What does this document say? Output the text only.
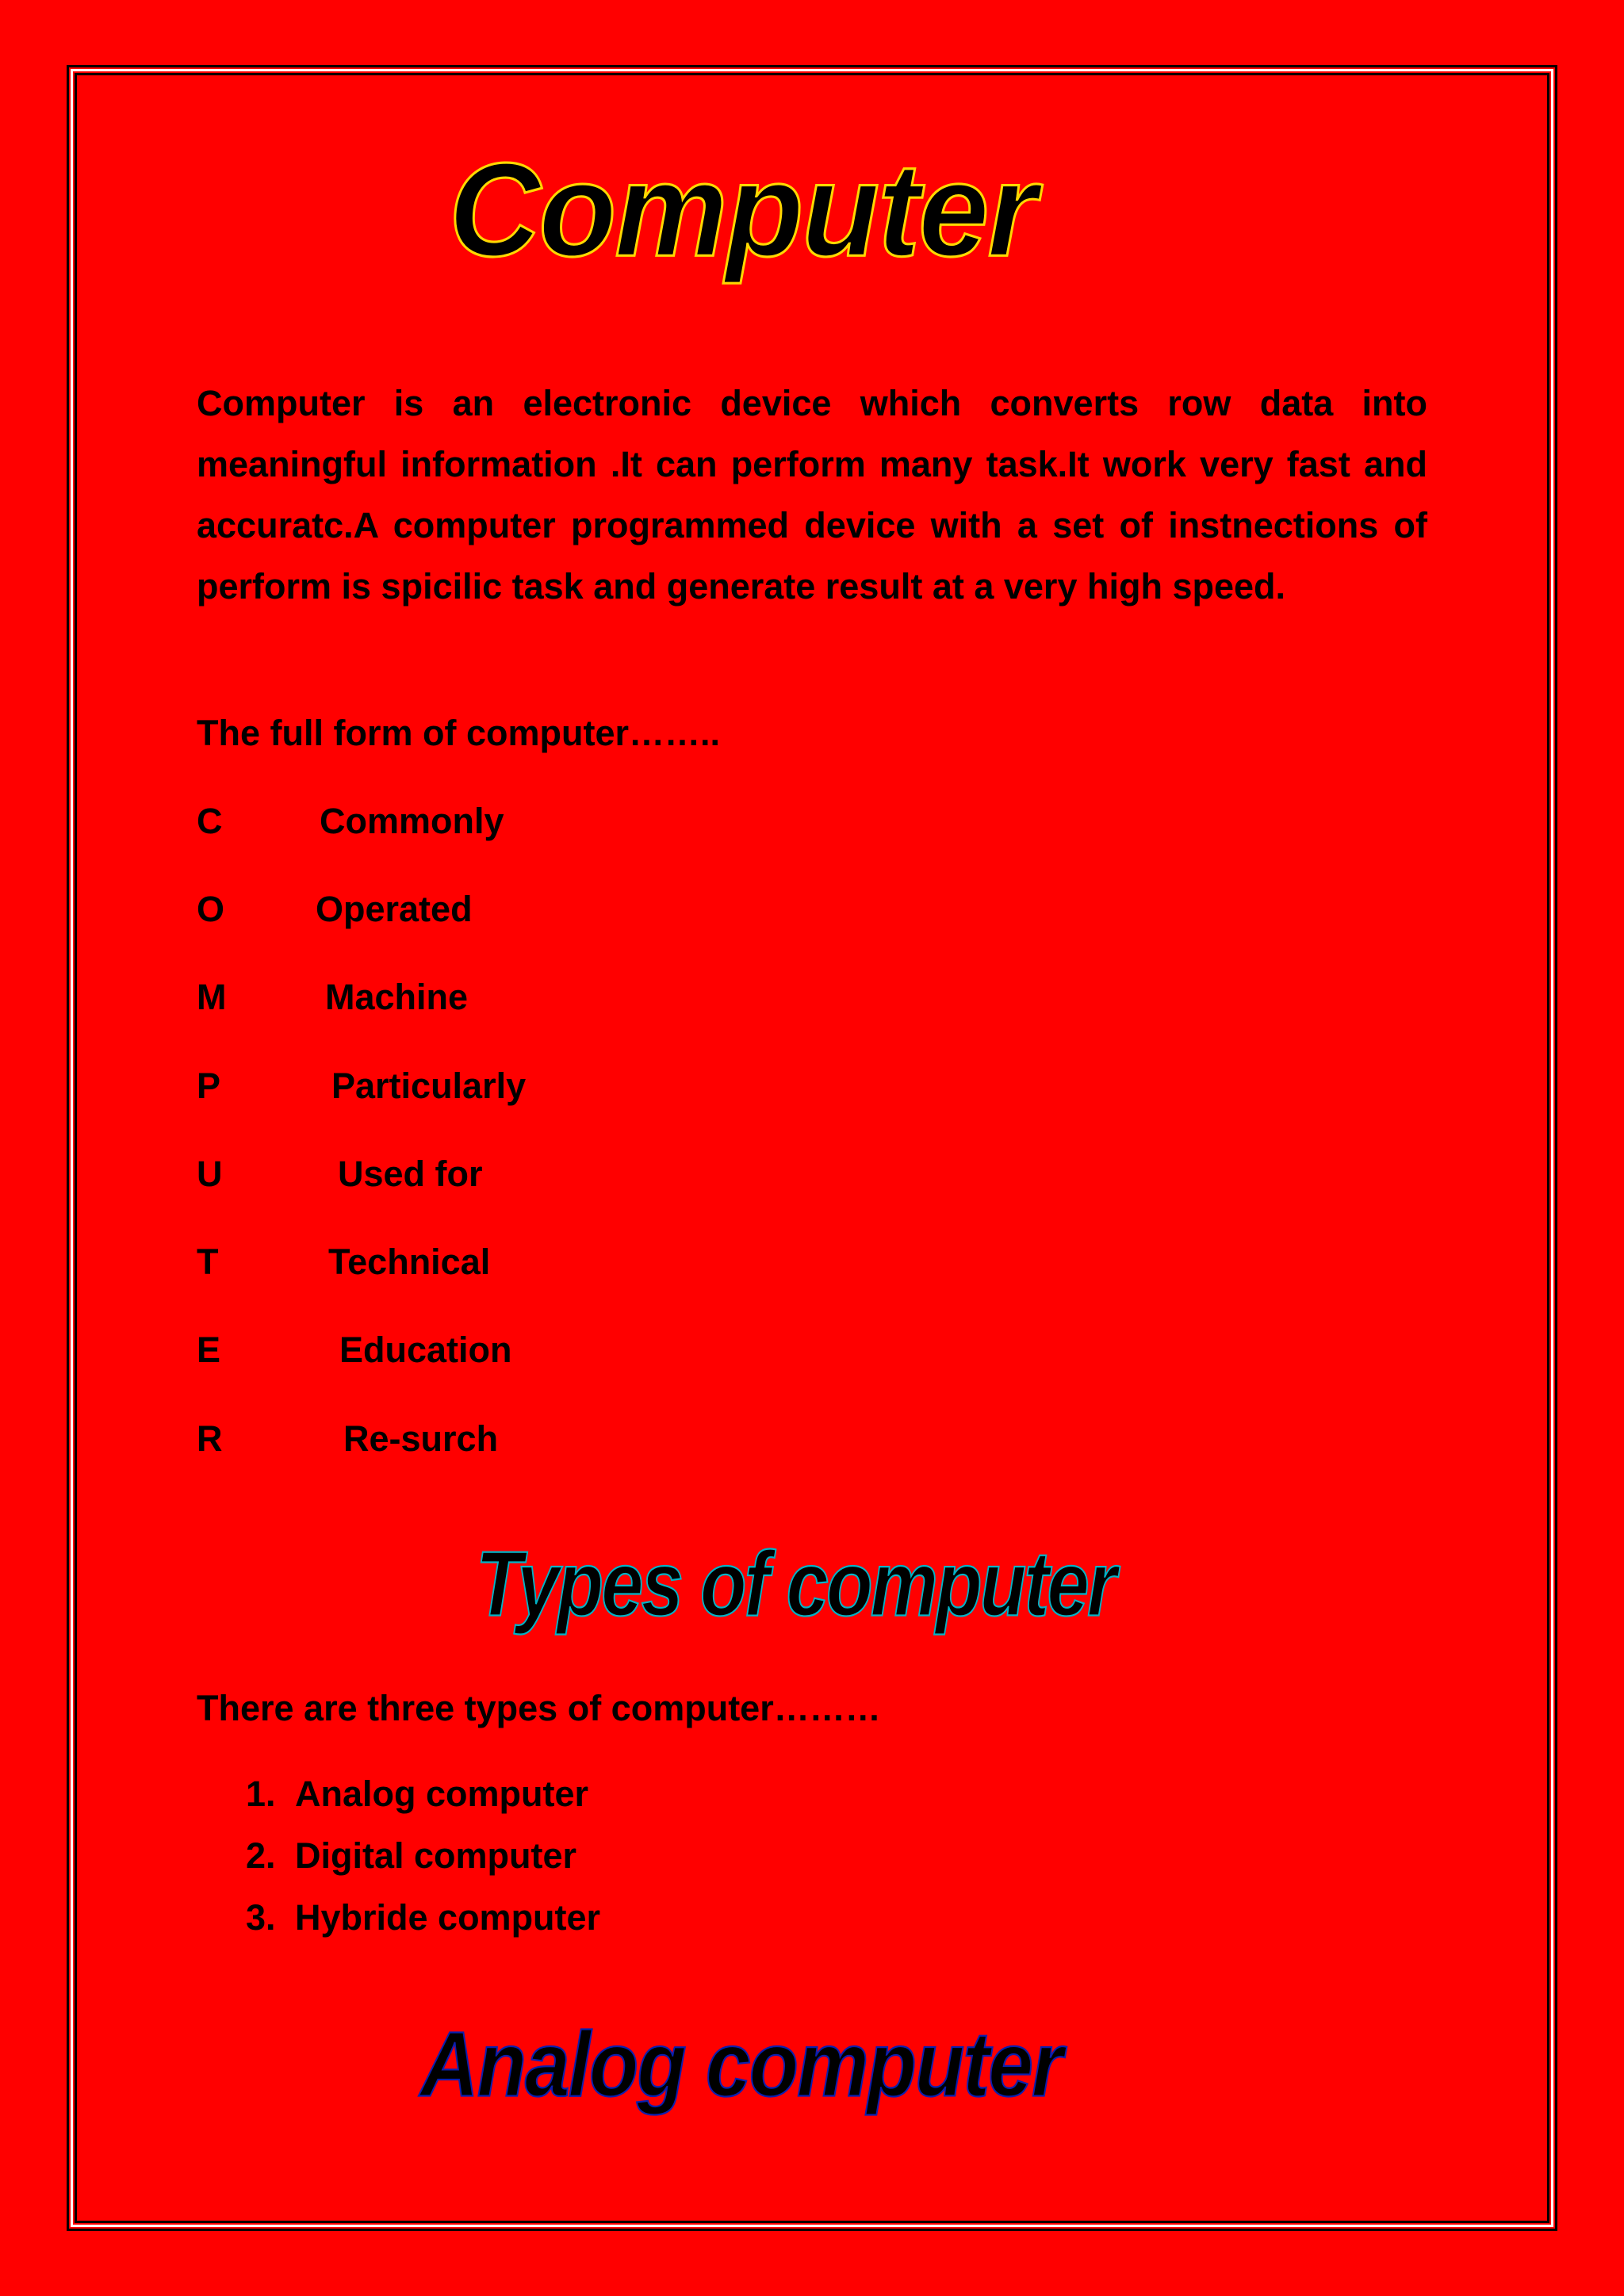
Computer

Computer is an electronic device which converts row data into meaningful information .It can perform many task.It work very fast and accuratc.A computer programmed device with a set of instnections of perform is spicilic task and generate result at a very high speed.

The full form of computer……..

C	Commonly
O	Operated
M	Machine
P	Particularly
U	Used for
T	Technical
E	Education
R	Re-surch
Types of computer

There are three types of computer………

1. Analog computer
2. Digital computer
3. Hybride computer
Analog computer
